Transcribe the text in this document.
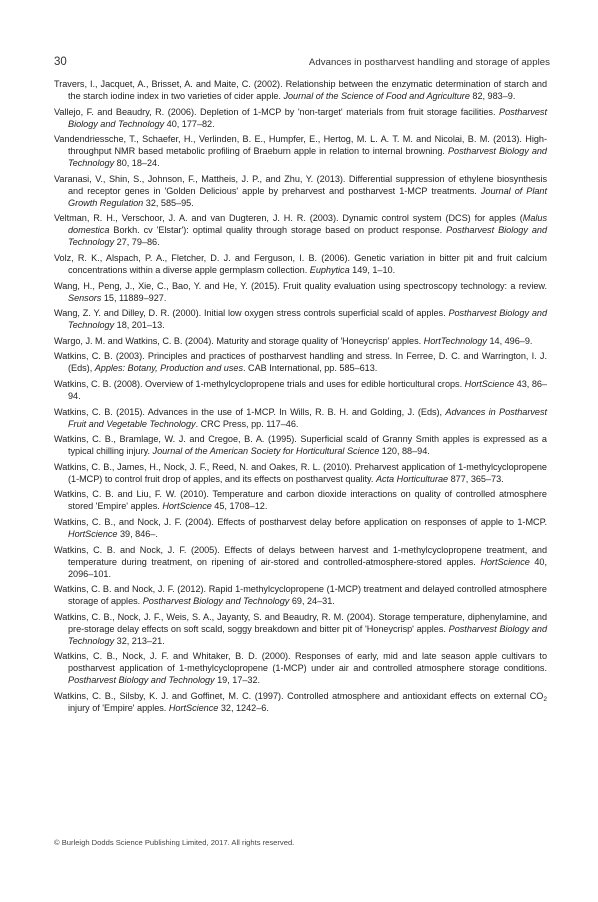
30	Advances in postharvest handling and storage of apples
Travers, I., Jacquet, A., Brisset, A. and Maite, C. (2002). Relationship between the enzymatic determination of starch and the starch iodine index in two varieties of cider apple. Journal of the Science of Food and Agriculture 82, 983–9.
Vallejo, F. and Beaudry, R. (2006). Depletion of 1-MCP by 'non-target' materials from fruit storage facilities. Postharvest Biology and Technology 40, 177–82.
Vandendriessche, T., Schaefer, H., Verlinden, B. E., Humpfer, E., Hertog, M. L. A. T. M. and Nicolai, B. M. (2013). High-throughput NMR based metabolic profiling of Braeburn apple in relation to internal browning. Postharvest Biology and Technology 80, 18–24.
Varanasi, V., Shin, S., Johnson, F., Mattheis, J. P., and Zhu, Y. (2013). Differential suppression of ethylene biosynthesis and receptor genes in 'Golden Delicious' apple by preharvest and postharvest 1-MCP treatments. Journal of Plant Growth Regulation 32, 585–95.
Veltman, R. H., Verschoor, J. A. and van Dugteren, J. H. R. (2003). Dynamic control system (DCS) for apples (Malus domestica Borkh. cv 'Elstar'): optimal quality through storage based on product response. Postharvest Biology and Technology 27, 79–86.
Volz, R. K., Alspach, P. A., Fletcher, D. J. and Ferguson, I. B. (2006). Genetic variation in bitter pit and fruit calcium concentrations within a diverse apple germplasm collection. Euphytica 149, 1–10.
Wang, H., Peng, J., Xie, C., Bao, Y. and He, Y. (2015). Fruit quality evaluation using spectroscopy technology: a review. Sensors 15, 11889–927.
Wang, Z. Y. and Dilley, D. R. (2000). Initial low oxygen stress controls superficial scald of apples. Postharvest Biology and Technology 18, 201–13.
Wargo, J. M. and Watkins, C. B. (2004). Maturity and storage quality of 'Honeycrisp' apples. HortTechnology 14, 496–9.
Watkins, C. B. (2003). Principles and practices of postharvest handling and stress. In Ferree, D. C. and Warrington, I. J. (Eds), Apples: Botany, Production and uses. CAB International, pp. 585–613.
Watkins, C. B. (2008). Overview of 1-methylcyclopropene trials and uses for edible horticultural crops. HortScience 43, 86–94.
Watkins, C. B. (2015). Advances in the use of 1-MCP. In Wills, R. B. H. and Golding, J. (Eds), Advances in Postharvest Fruit and Vegetable Technology. CRC Press, pp. 117–46.
Watkins, C. B., Bramlage, W. J. and Cregoe, B. A. (1995). Superficial scald of Granny Smith apples is expressed as a typical chilling injury. Journal of the American Society for Horticultural Science 120, 88–94.
Watkins, C. B., James, H., Nock, J. F., Reed, N. and Oakes, R. L. (2010). Preharvest application of 1-methylcyclopropene (1-MCP) to control fruit drop of apples, and its effects on postharvest quality. Acta Horticulturae 877, 365–73.
Watkins, C. B. and Liu, F. W. (2010). Temperature and carbon dioxide interactions on quality of controlled atmosphere stored 'Empire' apples. HortScience 45, 1708–12.
Watkins, C. B., and Nock, J. F. (2004). Effects of postharvest delay before application on responses of apple to 1-MCP. HortScience 39, 846–.
Watkins, C. B. and Nock, J. F. (2005). Effects of delays between harvest and 1-methylcyclopropene treatment, and temperature during treatment, on ripening of air-stored and controlled-atmosphere-stored apples. HortScience 40, 2096–101.
Watkins, C. B. and Nock, J. F. (2012). Rapid 1-methylcyclopropene (1-MCP) treatment and delayed controlled atmosphere storage of apples. Postharvest Biology and Technology 69, 24–31.
Watkins, C. B., Nock, J. F., Weis, S. A., Jayanty, S. and Beaudry, R. M. (2004). Storage temperature, diphenylamine, and pre-storage delay effects on soft scald, soggy breakdown and bitter pit of 'Honeycrisp' apples. Postharvest Biology and Technology 32, 213–21.
Watkins, C. B., Nock, J. F. and Whitaker, B. D. (2000). Responses of early, mid and late season apple cultivars to postharvest application of 1-methylcyclopropene (1-MCP) under air and controlled atmosphere storage conditions. Postharvest Biology and Technology 19, 17–32.
Watkins, C. B., Silsby, K. J. and Goffinet, M. C. (1997). Controlled atmosphere and antioxidant effects on external $CO_2$ injury of 'Empire' apples. HortScience 32, 1242–6.
© Burleigh Dodds Science Publishing Limited, 2017. All rights reserved.
